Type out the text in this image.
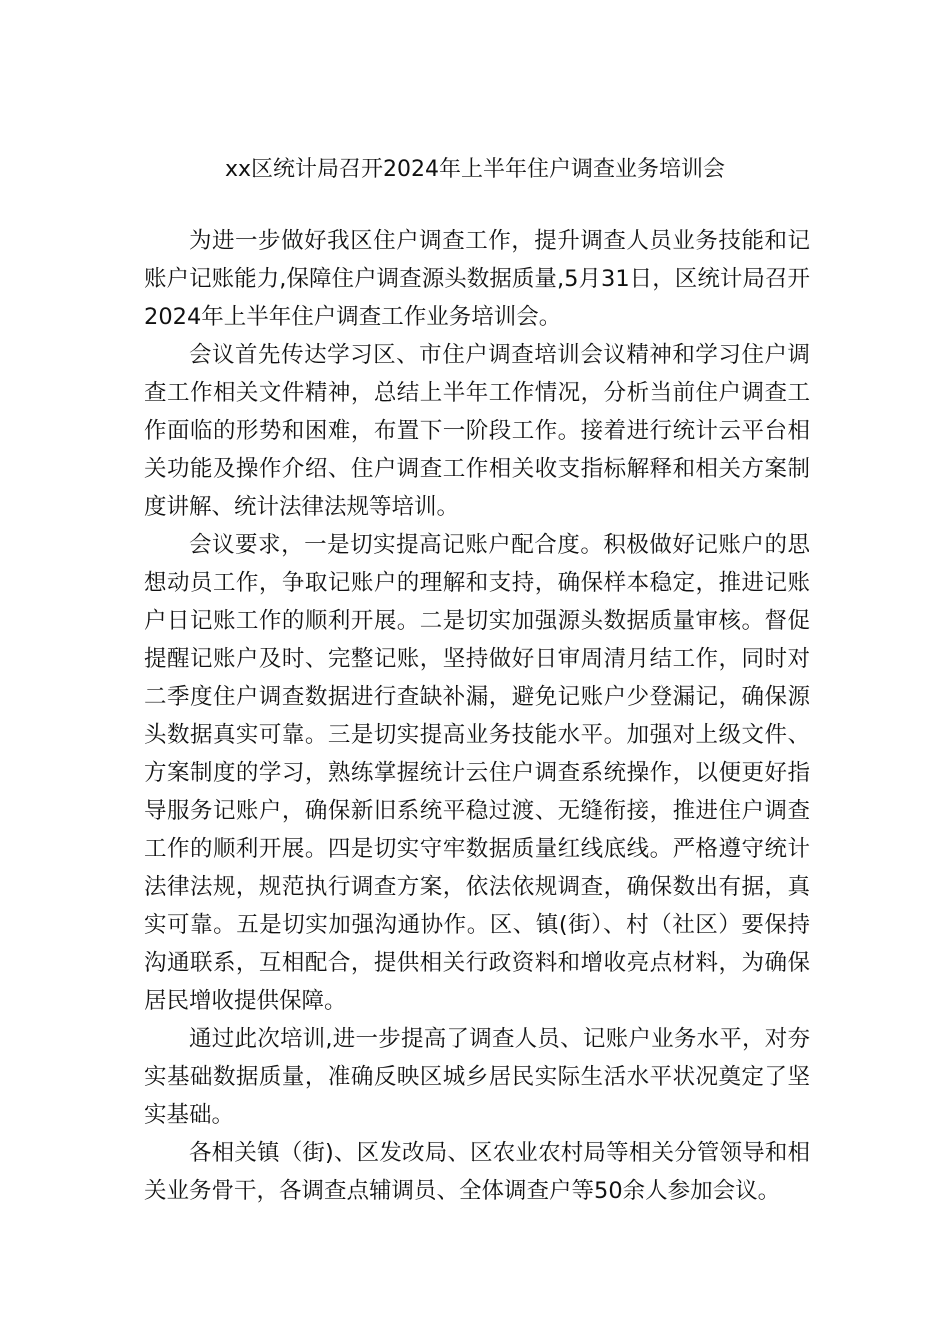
xx区统计局召开2024年上半年住户调查业务培训会

为进一步做好我区住户调查工作，提升调查人员业务技能和记账户记账能力,保障住户调查源头数据质量,5月31日，区统计局召开2024年上半年住户调查工作业务培训会。

会议首先传达学习区、市住户调查培训会议精神和学习住户调查工作相关文件精神，总结上半年工作情况，分析当前住户调查工作面临的形势和困难，布置下一阶段工作。接着进行统计云平台相关功能及操作介绍、住户调查工作相关收支指标解释和相关方案制度讲解、统计法律法规等培训。

会议要求，一是切实提高记账户配合度。积极做好记账户的思想动员工作，争取记账户的理解和支持，确保样本稳定，推进记账户日记账工作的顺利开展。二是切实加强源头数据质量审核。督促提醒记账户及时、完整记账，坚持做好日审周清月结工作，同时对二季度住户调查数据进行查缺补漏，避免记账户少登漏记，确保源头数据真实可靠。三是切实提高业务技能水平。加强对上级文件、方案制度的学习，熟练掌握统计云住户调查系统操作，以便更好指导服务记账户，确保新旧系统平稳过渡、无缝衔接，推进住户调查工作的顺利开展。四是切实守牢数据质量红线底线。严格遵守统计法律法规，规范执行调查方案，依法依规调查，确保数出有据，真实可靠。五是切实加强沟通协作。区、镇(街）、村（社区）要保持沟通联系，互相配合，提供相关行政资料和增收亮点材料，为确保居民增收提供保障。

通过此次培训,进一步提高了调查人员、记账户业务水平，对夯实基础数据质量，准确反映区城乡居民实际生活水平状况奠定了坚实基础。

各相关镇（街)、区发改局、区农业农村局等相关分管领导和相关业务骨干，各调查点辅调员、全体调查户等50余人参加会议。
